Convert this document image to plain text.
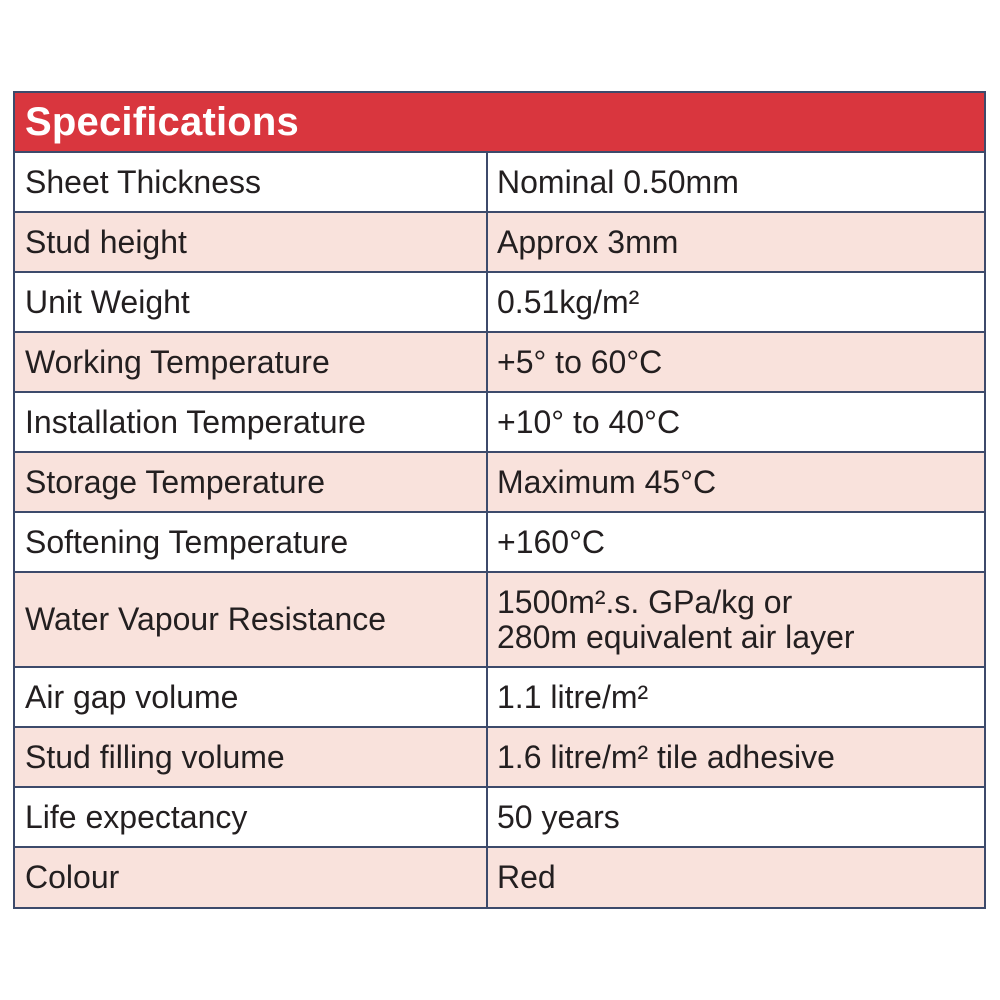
Specifications
Sheet Thickness	Nominal 0.50mm
Stud height	Approx 3mm
Unit Weight	0.51kg/m²
Working Temperature	+5° to 60°C
Installation Temperature	+10° to 40°C
Storage Temperature	Maximum 45°C
Softening Temperature	+160°C
Water Vapour Resistance	1500m².s. GPa/kg or
280m equivalent air layer
Air gap volume	1.1 litre/m²
Stud filling volume	1.6 litre/m² tile adhesive
Life expectancy	50 years
Colour	Red
